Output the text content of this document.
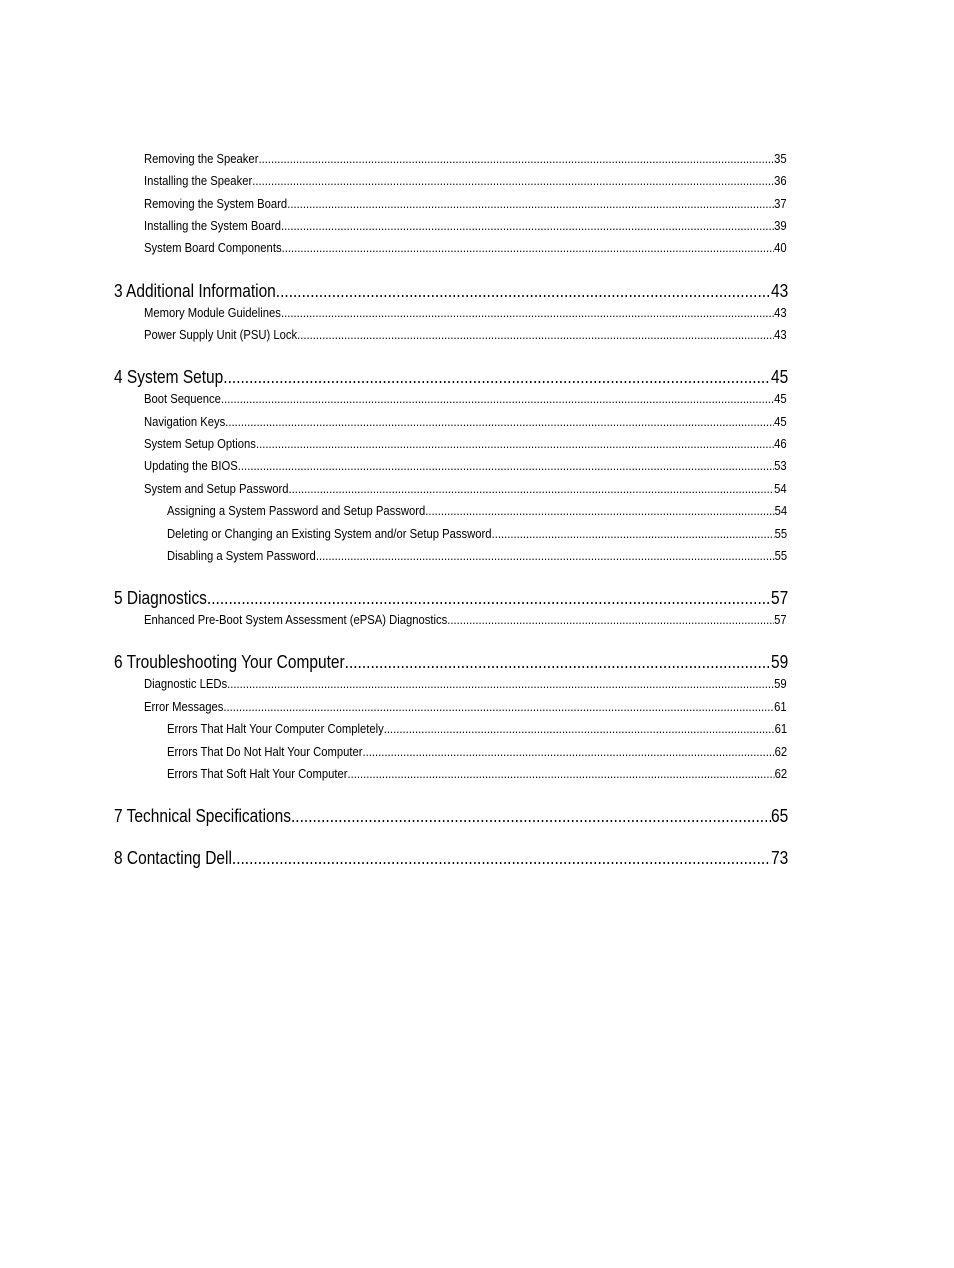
Removing the Speaker .....	35
Installing the Speaker .....	36
Removing the System Board .....	37
Installing the System Board .....	39
System Board Components .....	40
3 Additional Information .....	43
Memory Module Guidelines .....	43
Power Supply Unit (PSU) Lock .....	43
4 System Setup .....	45
Boot Sequence .....	45
Navigation Keys .....	45
System Setup Options .....	46
Updating the BIOS .....	53
System and Setup Password .....	54
Assigning a System Password and Setup Password .....	54
Deleting or Changing an Existing System and/or Setup Password .....	55
Disabling a System Password .....	55
5 Diagnostics .....	57
Enhanced Pre-Boot System Assessment (ePSA) Diagnostics .....	57
6 Troubleshooting Your Computer .....	59
Diagnostic LEDs .....	59
Error Messages .....	61
Errors That Halt Your Computer Completely .....	61
Errors That Do Not Halt Your Computer .....	62
Errors That Soft Halt Your Computer .....	62
7 Technical Specifications .....	65
8 Contacting Dell .....	73
